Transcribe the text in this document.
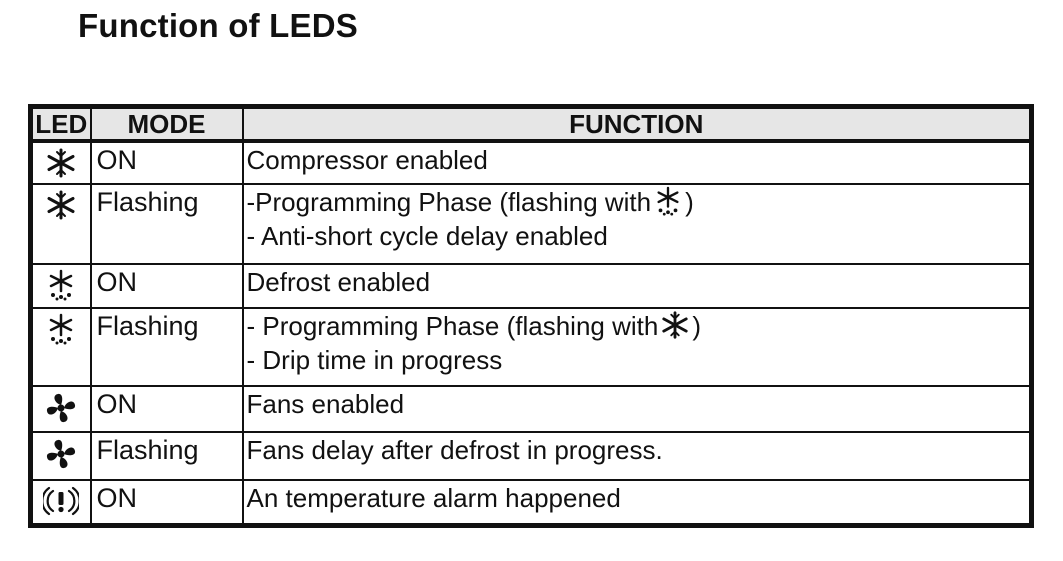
Function of LEDS
LED	MODE	FUNCTION

	ON	Compressor enabled

	Flashing	-Programming Phase (flashing with )
- Anti-short cycle delay enabled

	ON	Defrost enabled

	Flashing	- Programming Phase (flashing with )
- Drip time in progress

	ON	Fans enabled

	Flashing	Fans delay after defrost in progress.

	ON	An temperature alarm happened
